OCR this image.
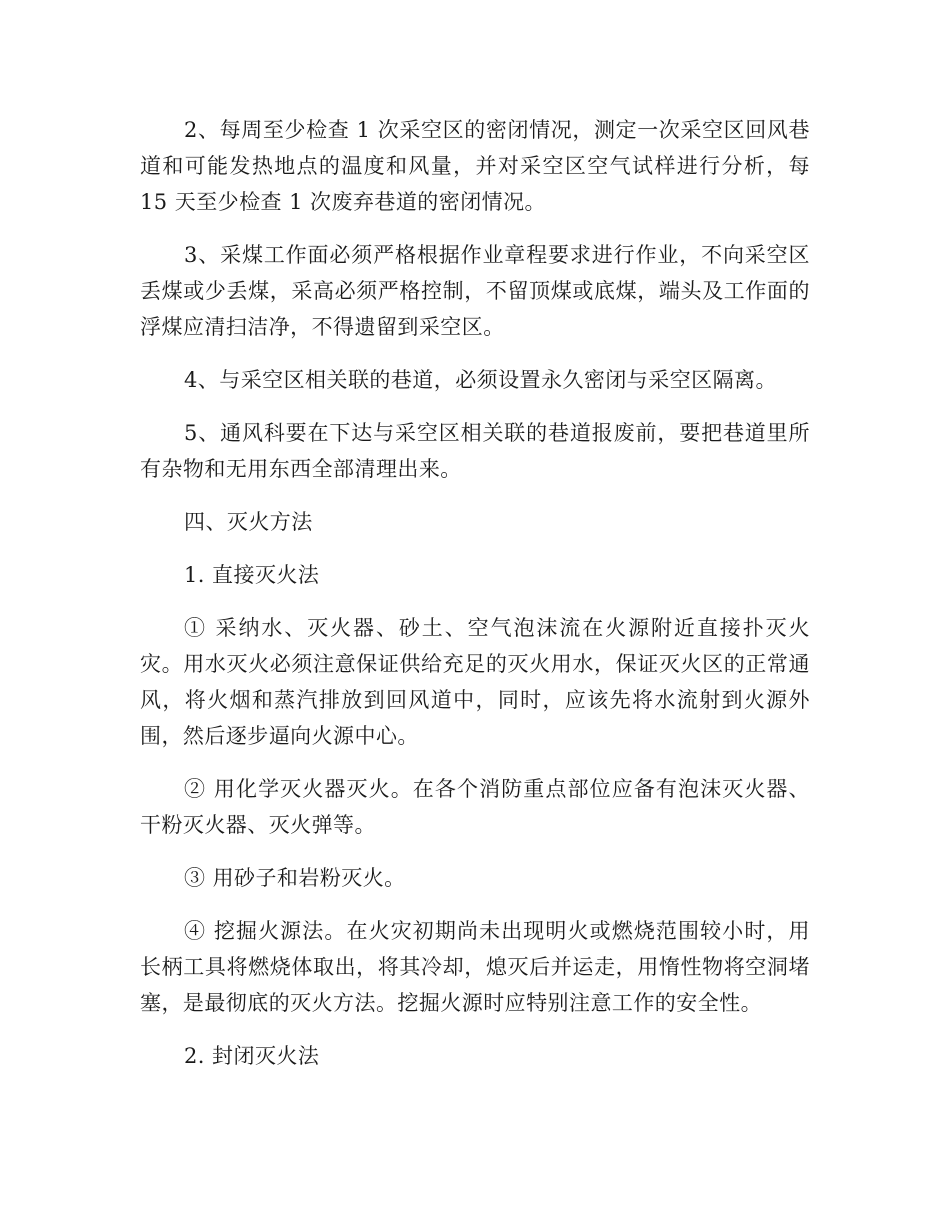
2、每周至少检查 1 次采空区的密闭情况，测定一次采空区回风巷道和可能发热地点的温度和风量，并对采空区空气试样进行分析，每 15 天至少检查 1 次废弃巷道的密闭情况。

3、采煤工作面必须严格根据作业章程要求进行作业，不向采空区丢煤或少丢煤，采高必须严格控制，不留顶煤或底煤，端头及工作面的浮煤应清扫洁净，不得遗留到采空区。

4、与采空区相关联的巷道，必须设置永久密闭与采空区隔离。

5、通风科要在下达与采空区相关联的巷道报废前，要把巷道里所有杂物和无用东西全部清理出来。

四、灭火方法

1. 直接灭火法

① 采纳水、灭火器、砂土、空气泡沫流在火源附近直接扑灭火灾。用水灭火必须注意保证供给充足的灭火用水，保证灭火区的正常通风，将火烟和蒸汽排放到回风道中，同时，应该先将水流射到火源外围，然后逐步逼向火源中心。

② 用化学灭火器灭火。在各个消防重点部位应备有泡沫灭火器、干粉灭火器、灭火弹等。

③ 用砂子和岩粉灭火。

④ 挖掘火源法。在火灾初期尚未出现明火或燃烧范围较小时，用长柄工具将燃烧体取出，将其冷却，熄灭后并运走，用惰性物将空洞堵塞，是最彻底的灭火方法。挖掘火源时应特别注意工作的安全性。

2. 封闭灭火法
